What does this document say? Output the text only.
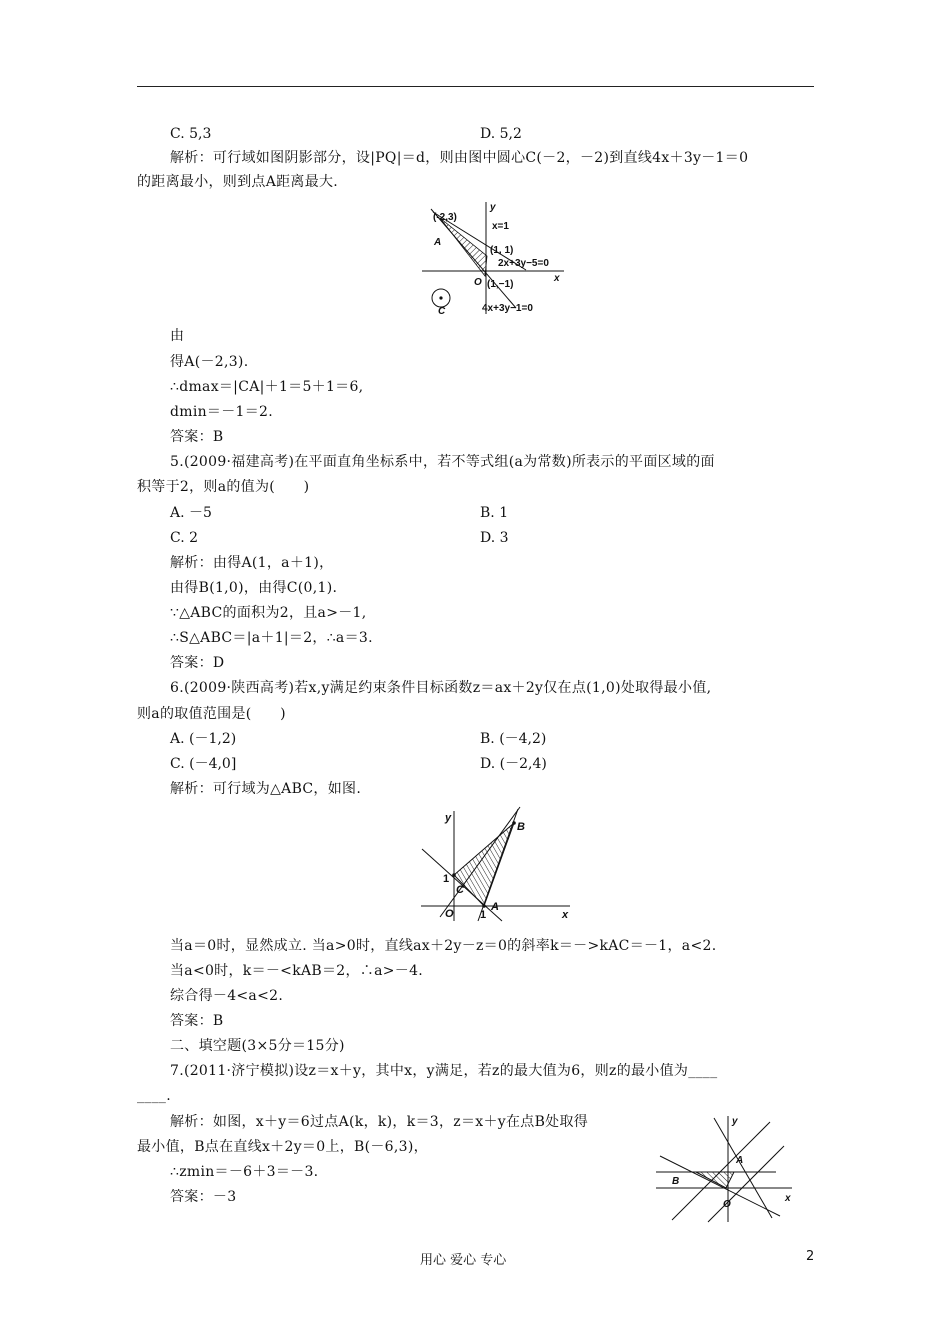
C. 5,3	D. 5,2
解析：可行域如图阴影部分，设|PQ|＝d，则由图中圆心C(－2，－2)到直线4x＋3y－1＝0
的距离最小，则到点A距离最大.
(-2,3)
x=1
A
(1, 1)
2x+3y−5=0
O (1,−1)
x
y
C	4x+3y−1=0
由
得A(－2,3).
∴dmax＝|CA|＋1＝5＋1＝6,
dmin＝－1＝2.
答案：B
5.(2009·福建高考)在平面直角坐标系中，若不等式组(a为常数)所表示的平面区域的面
积等于2，则a的值为(　　)
A. －5	B. 1
C. 2	D. 3
解析：由得A(1，a＋1)，
由得B(1,0)，由得C(0,1).
∵△ABC的面积为2，且a>－1,
∴S△ABC＝|a＋1|＝2，∴a＝3.
答案：D
6.(2009·陕西高考)若x,y满足约束条件目标函数z＝ax＋2y仅在点(1,0)处取得最小值,
则a的取值范围是(　　)
A. (－1,2)	B. (－4,2)
C. (－4,0]	D. (－2,4)
解析：可行域为△ABC，如图.
y
x
B
1
C
O 1
A
当a＝0时，显然成立. 当a>0时，直线ax＋2y－z＝0的斜率k＝－>kAC＝－1，a<2.
当a<0时，k＝－<kAB＝2，∴a>－4.
综合得－4<a<2.
答案：B
二、填空题(3×5分＝15分)
7.(2011·济宁模拟)设z＝x＋y，其中x，y满足，若z的最大值为6，则z的最小值为____
____.
解析：如图，x＋y＝6过点A(k，k)，k＝3，z＝x＋y在点B处取得
最小值，B点在直线x＋2y＝0上，B(－6,3)，
∴zmin＝－6＋3＝－3.
答案：－3
y
x
A
B
O
用心 爱心 专心	2
